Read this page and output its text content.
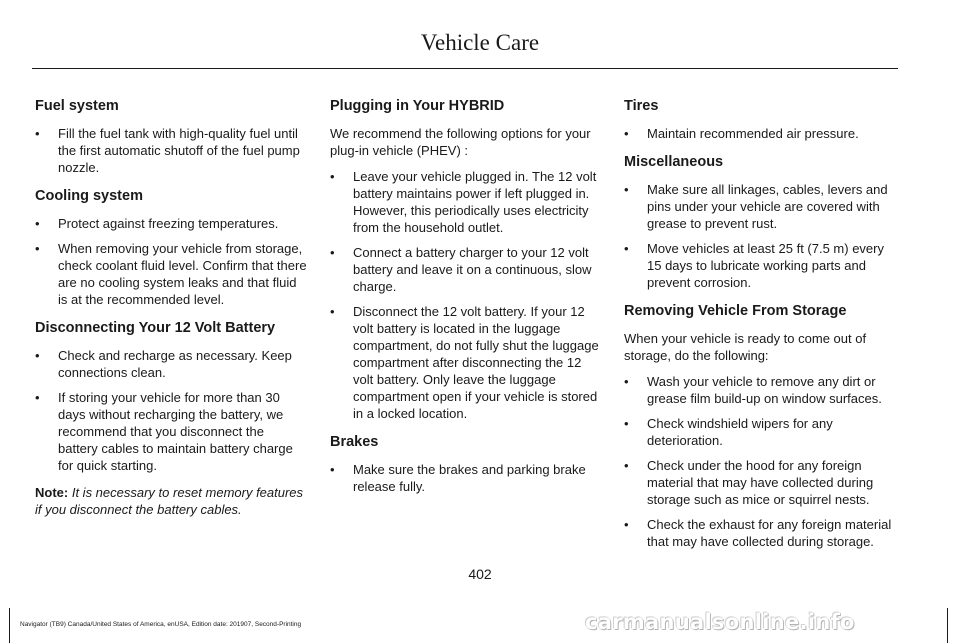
Vehicle Care
Fuel system
• Fill the fuel tank with high-quality fuel until the first automatic shutoff of the fuel pump nozzle.
Cooling system
• Protect against freezing temperatures.
• When removing your vehicle from storage, check coolant fluid level. Confirm that there are no cooling system leaks and that fluid is at the recommended level.
Disconnecting Your 12 Volt Battery
• Check and recharge as necessary. Keep connections clean.
• If storing your vehicle for more than 30 days without recharging the battery, we recommend that you disconnect the battery cables to maintain battery charge for quick starting.

Note: It is necessary to reset memory features if you disconnect the battery cables.

Plugging in Your HYBRID

We recommend the following options for your plug-in vehicle (PHEV) :

• Leave your vehicle plugged in. The 12 volt battery maintains power if left plugged in. However, this periodically uses electricity from the household outlet.
• Connect a battery charger to your 12 volt battery and leave it on a continuous, slow charge.
• Disconnect the 12 volt battery. If your 12 volt battery is located in the luggage compartment, do not fully shut the luggage compartment after disconnecting the 12 volt battery. Only leave the luggage compartment open if your vehicle is stored in a locked location.
Brakes
• Make sure the brakes and parking brake release fully.
Tires
• Maintain recommended air pressure.
Miscellaneous
• Make sure all linkages, cables, levers and pins under your vehicle are covered with grease to prevent rust.
• Move vehicles at least 25 ft (7.5 m) every 15 days to lubricate working parts and prevent corrosion.
Removing Vehicle From Storage

When your vehicle is ready to come out of storage, do the following:

• Wash your vehicle to remove any dirt or grease film build-up on window surfaces.
• Check windshield wipers for any deterioration.
• Check under the hood for any foreign material that may have collected during storage such as mice or squirrel nests.
• Check the exhaust for any foreign material that may have collected during storage.
402
Navigator (TB9) Canada/United States of America, enUSA, Edition date: 201907, Second-Printing	carmanualsonline.info
